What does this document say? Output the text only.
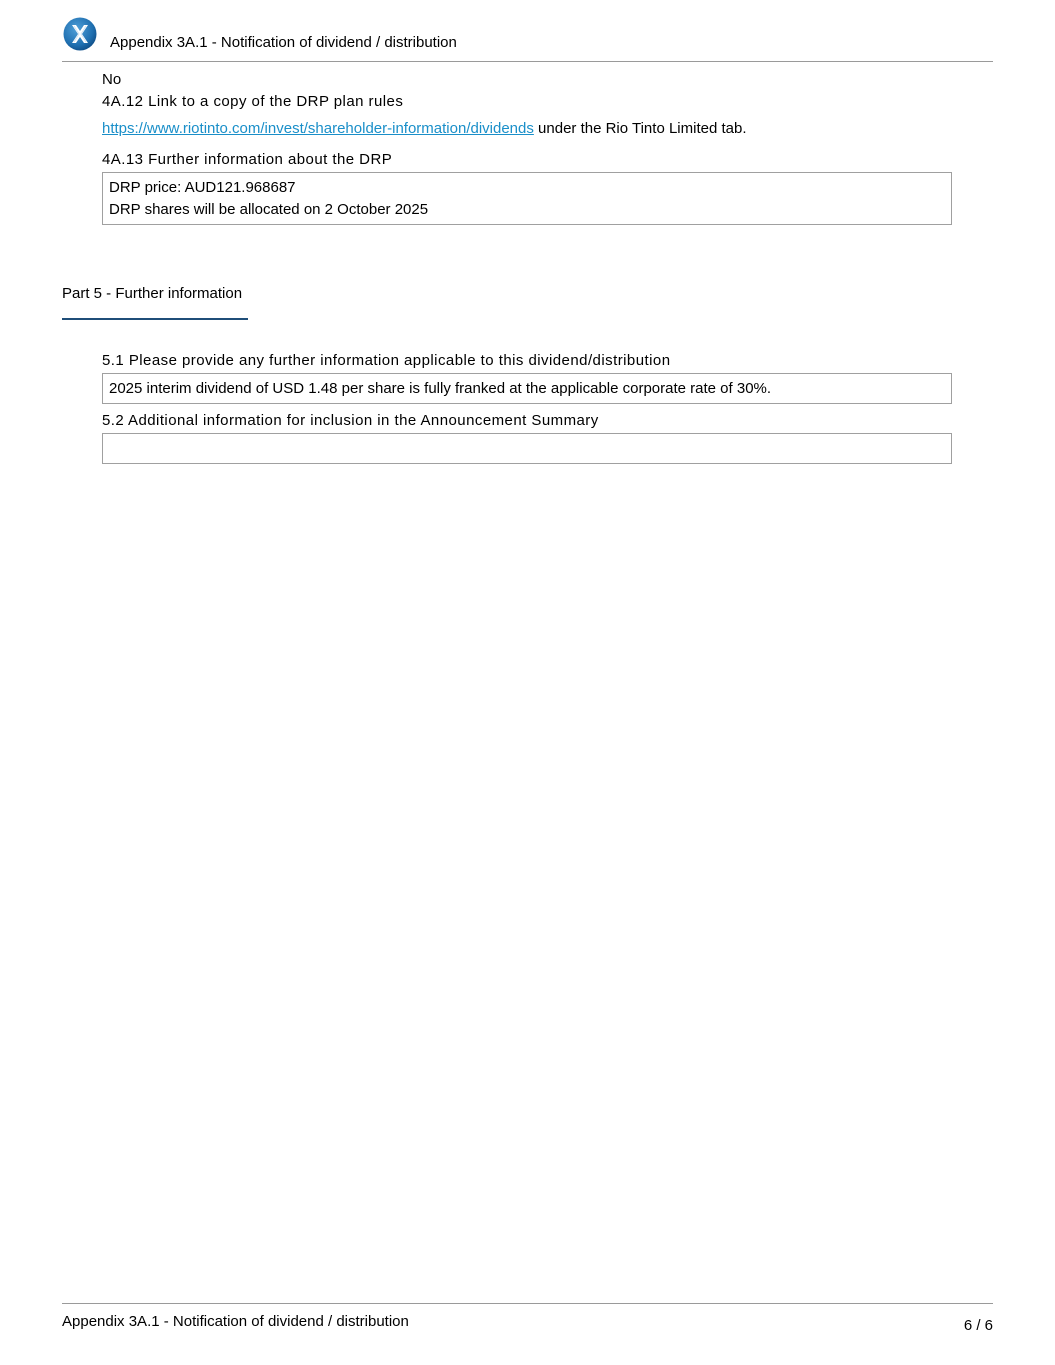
Appendix 3A.1 - Notification of dividend / distribution
No
4A.12 Link to a copy of the DRP plan rules
https://www.riotinto.com/invest/shareholder-information/dividends under the Rio Tinto Limited tab.
4A.13 Further information about the DRP
DRP price: AUD121.968687
DRP shares will be allocated on 2 October 2025
Part 5 - Further information
5.1 Please provide any further information applicable to this dividend/distribution
2025 interim dividend of USD 1.48 per share is fully franked at the applicable corporate rate of 30%.
5.2 Additional information for inclusion in the Announcement Summary
Appendix 3A.1 - Notification of dividend / distribution	6 / 6
